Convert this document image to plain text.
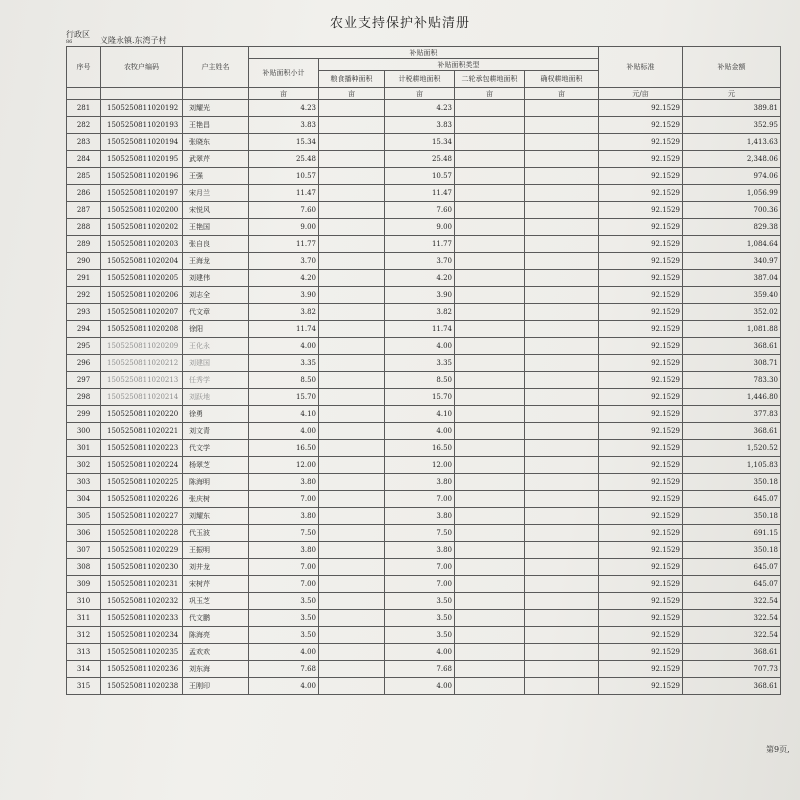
农业支持保护补贴清册
行政区
86	义隆永镇.东湾子村
序号	农牧户编码	户主姓名	补贴面积					补贴标准	补贴金额
			补贴面积小计	补贴面积类型					
				粮食播种面积	计税耕地面积	二轮承包耕地面积	确权耕地面积		
			亩	亩	亩	亩	亩	元/亩	元
281	1505250811020192	刘耀光	4.23		4.23			92.1529	389.81
282	1505250811020193	王艳昌	3.83		3.83			92.1529	352.95
283	1505250811020194	张晓东	15.34		15.34			92.1529	1,413.63
284	1505250811020195	武翠芹	25.48		25.48			92.1529	2,348.06
285	1505250811020196	王强	10.57		10.57			92.1529	974.06
286	1505250811020197	宋月兰	11.47		11.47			92.1529	1,056.99
287	1505250811020200	宋悦风	7.60		7.60			92.1529	700.36
288	1505250811020202	王艳国	9.00		9.00			92.1529	829.38
289	1505250811020203	张自良	11.77		11.77			92.1529	1,084.64
290	1505250811020204	王海龙	3.70		3.70			92.1529	340.97
291	1505250811020205	刘建伟	4.20		4.20			92.1529	387.04
292	1505250811020206	刘志全	3.90		3.90			92.1529	359.40
293	1505250811020207	代文章	3.82		3.82			92.1529	352.02
294	1505250811020208	徐阳	11.74		11.74			92.1529	1,081.88
295	1505250811020209	王化永	4.00		4.00			92.1529	368.61
296	1505250811020212	刘建国	3.35		3.35			92.1529	308.71
297	1505250811020213	任秀学	8.50		8.50			92.1529	783.30
298	1505250811020214	刘跃地	15.70		15.70			92.1529	1,446.80
299	1505250811020220	徐勇	4.10		4.10			92.1529	377.83
300	1505250811020221	刘文青	4.00		4.00			92.1529	368.61
301	1505250811020223	代文学	16.50		16.50			92.1529	1,520.52
302	1505250811020224	杨翠芝	12.00		12.00			92.1529	1,105.83
303	1505250811020225	陈海明	3.80		3.80			92.1529	350.18
304	1505250811020226	张庆树	7.00		7.00			92.1529	645.07
305	1505250811020227	刘耀东	3.80		3.80			92.1529	350.18
306	1505250811020228	代玉波	7.50		7.50			92.1529	691.15
307	1505250811020229	王振明	3.80		3.80			92.1529	350.18
308	1505250811020230	刘井龙	7.00		7.00			92.1529	645.07
309	1505250811020231	宋树芹	7.00		7.00			92.1529	645.07
310	1505250811020232	巩玉芝	3.50		3.50			92.1529	322.54
311	1505250811020233	代文鹏	3.50		3.50			92.1529	322.54
312	1505250811020234	陈海亮	3.50		3.50			92.1529	322.54
313	1505250811020235	孟欢欢	4.00		4.00			92.1529	368.61
314	1505250811020236	刘东海	7.68		7.68			92.1529	707.73
315	1505250811020238	王刚印	4.00		4.00			92.1529	368.61
第9页,
